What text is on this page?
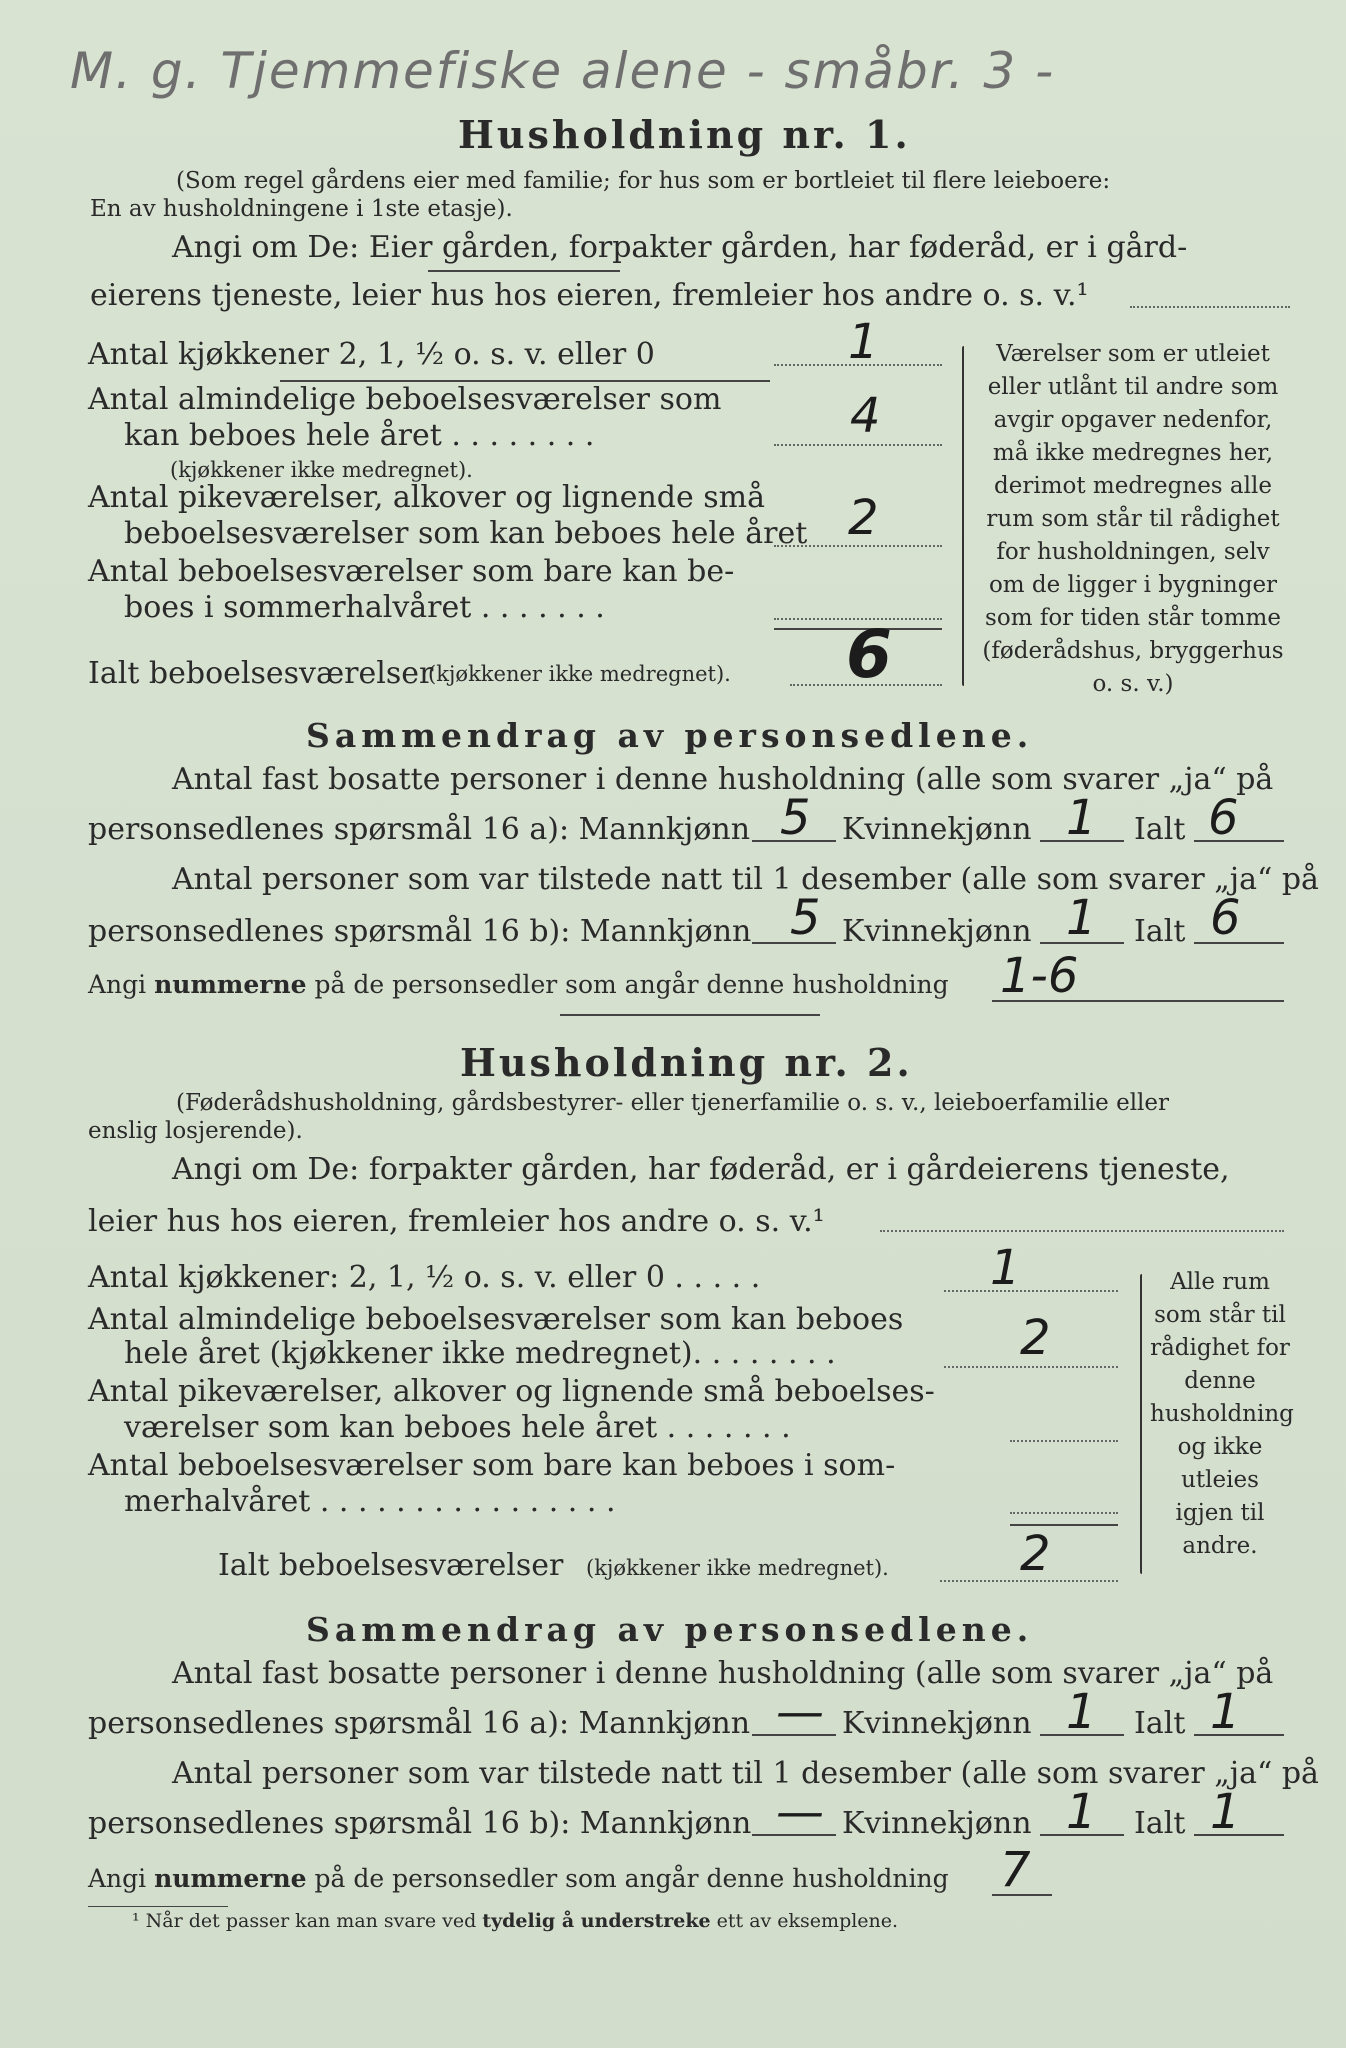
M. g. Tjemmefiske alene - småbr. 3 -
Husholdning nr. 1.
(Som regel gårdens eier med familie; for hus som er bortleiet til flere leieboere:
En av husholdningene i 1ste etasje).
Angi om De: Eier gården, forpakter gården, har føderåd, er i gård-
eierens tjeneste, leier hus hos eieren, fremleier hos andre o. s. v.¹
Antal kjøkkener 2, 1, ½ o. s. v. eller 0	1
Antal almindelige beboelsesværelser som
kan beboes hele året . . . . . . . .
(kjøkkener ikke medregnet).
4
Antal pikeværelser, alkover og lignende små
beboelsesværelser som kan beboes hele året 2
Antal beboelsesværelser som bare kan be-
boes i sommerhalvåret . . . . . . .
Ialt beboelsesværelser
(kjøkkener ikke medregnet). 6
Værelser som er utleiet eller utlånt til andre som avgir opgaver nedenfor, må ikke medregnes her, derimot medregnes alle rum som står til rådighet for husholdningen, selv om de ligger i bygninger som for tiden står tomme (føderådshus, bryggerhus o. s. v.)
Sammendrag av personsedlene.
Antal fast bosatte personer i denne husholdning (alle som svarer „ja“ på
personsedlenes spørsmål 16 a): Mannkjønn 5 Kvinnekjønn 1 Ialt 6
Antal personer som var tilstede natt til 1 desember (alle som svarer „ja“ på
personsedlenes spørsmål 16 b): Mannkjønn 5 Kvinnekjønn 1 Ialt 6
Angi nummerne på de personsedler som angår denne husholdning 1-6
Husholdning nr. 2.
(Føderådshusholdning, gårdsbestyrer- eller tjenerfamilie o. s. v., leieboerfamilie eller
enslig losjerende).
Angi om De: forpakter gården, har føderåd, er i gårdeierens tjeneste,
leier hus hos eieren, fremleier hos andre o. s. v.¹
Antal kjøkkener: 2, 1, ½ o. s. v. eller 0 . . . . .	1
Antal almindelige beboelsesværelser som kan beboes
hele året (kjøkkener ikke medregnet). . . . . . . .	2
Antal pikeværelser, alkover og lignende små beboelses-
værelser som kan beboes hele året . . . . . . .
Antal beboelsesværelser som bare kan beboes i som-
merhalvåret . . . . . . . . . . . . . . . .
Ialt beboelsesværelser (kjøkkener ikke medregnet).	2
Alle rum som står til rådighet for denne husholdning og ikke utleies igjen til andre.
Sammendrag av personsedlene.
Antal fast bosatte personer i denne husholdning (alle som svarer „ja“ på
personsedlenes spørsmål 16 a): Mannkjønn — Kvinnekjønn 1 Ialt 1
Antal personer som var tilstede natt til 1 desember (alle som svarer „ja“ på
personsedlenes spørsmål 16 b): Mannkjønn — Kvinnekjønn 1 Ialt 1
Angi nummerne på de personsedler som angår denne husholdning 7
¹ Når det passer kan man svare ved tydelig å understreke ett av eksemplene.
